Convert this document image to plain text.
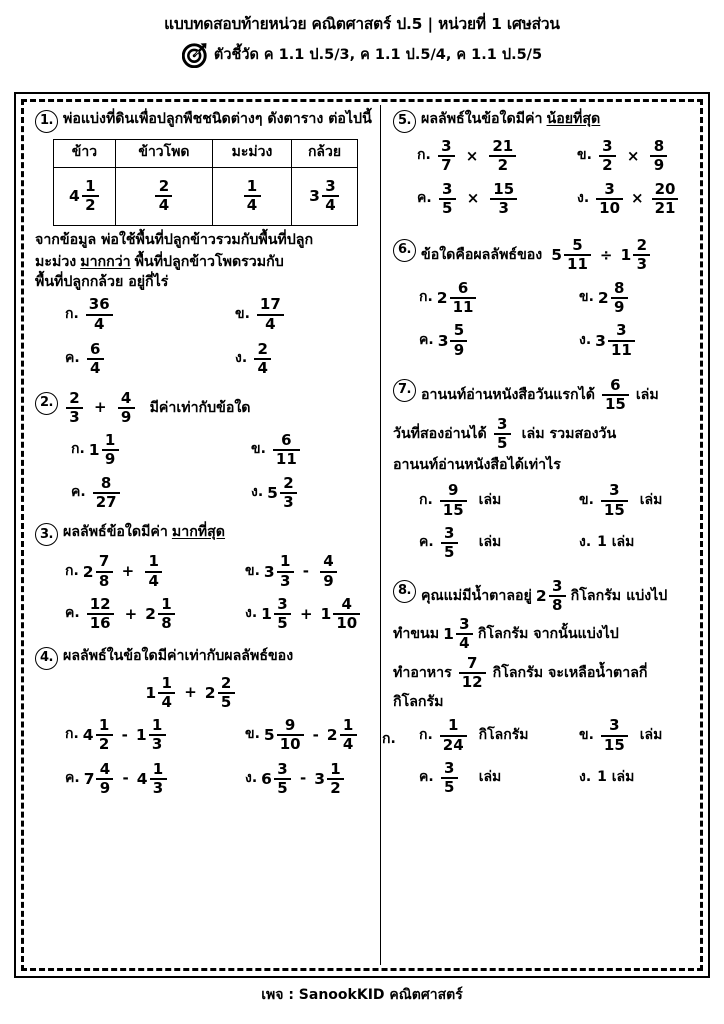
แบบทดสอบท้ายหน่วย คณิตศาสตร์ ป.5 | หน่วยที่ 1 เศษส่วน
ตัวชี้วัด ค 1.1 ป.5/3, ค 1.1 ป.5/4, ค 1.1 ป.5/5
1. พ่อแบ่งที่ดินเพื่อปลูกพืชชนิดต่างๆ ดังตาราง ต่อไปนี้
ข้าว	ข้าวโพด	มะม่วง	กล้วย

$4 \frac{1}{2}$	$\frac{2}{4}$	$\frac{1}{4}$	$3 \frac{3}{4}$
จากข้อมูล พ่อใช้พื้นที่ปลูกข้าวรวมกับพื้นที่ปลูก
มะม่วง มากกว่า พื้นที่ปลูกข้าวโพดรวมกับ
พื้นที่ปลูกกล้วย อยู่กี่ไร่
ก. $\frac{36}{4}$	ข. $\frac{17}{4}$
ค. $\frac{6}{4}$	ง. $\frac{2}{4}$
2. $\frac{2}{3} + \frac{4}{9}$ มีค่าเท่ากับข้อใด
ก. $1 \frac{1}{9}$	ข. $\frac{6}{11}$
ค. $\frac{8}{27}$	ง. $5 \frac{2}{3}$
3. ผลลัพธ์ข้อใดมีค่า มากที่สุด
ก. $2 \frac{7}{8} + \frac{1}{4}$	ข. $3 \frac{1}{3} - \frac{4}{9}$
ค. $\frac{12}{16} + 2 \frac{1}{8}$	ง. $1 \frac{3}{5} + 1 \frac{4}{10}$
4. ผลลัพธ์ในข้อใดมีค่าเท่ากับผลลัพธ์ของ
$1 \frac{1}{4} + 2 \frac{2}{5}$
ก. $4 \frac{1}{2} - 1 \frac{1}{3}$	ข. $5 \frac{9}{10} - 2 \frac{1}{4}$
ค. $7 \frac{4}{9} - 4 \frac{1}{3}$	ง. $6 \frac{3}{5} - 3 \frac{1}{2}$
5. ผลลัพธ์ในข้อใดมีค่า น้อยที่สุด
ก. $\frac{3}{7} \times \frac{21}{2}$	ข. $\frac{3}{2} \times \frac{8}{9}$
ค. $\frac{3}{5} \times \frac{15}{3}$	ง. $\frac{3}{10} \times \frac{20}{21}$
6. ข้อใดคือผลลัพธ์ของ $5 \frac{5}{11} \div 1 \frac{2}{3}$
ก. $2 \frac{6}{11}$	ข. $2 \frac{8}{9}$
ค. $3 \frac{5}{9}$	ง. $3 \frac{3}{11}$
7. อานนท์อ่านหนังสือวันแรกได้ $\frac{6}{15}$ เล่ม
วันที่สองอ่านได้ $\frac{3}{5}$ เล่ม รวมสองวัน
อานนท์อ่านหนังสือได้เท่าไร
ก. $\frac{9}{15}$ เล่ม	ข. $\frac{3}{15}$ เล่ม
ค. $\frac{3}{5}$ เล่ม	ง. 1 เล่ม
8. คุณแม่มีน้ำตาลอยู่ $2 \frac{3}{8}$ กิโลกรัม แบ่งไป
ทำขนม $1 \frac{3}{4}$ กิโลกรัม จากนั้นแบ่งไป
ทำอาหาร $\frac{7}{12}$ กิโลกรัม จะเหลือน้ำตาลกี่
กิโลกรัม
ก. ก. $\frac{1}{24}$ กิโลกรัม	ข. $\frac{3}{15}$ เล่ม
ค. $\frac{3}{5}$ เล่ม	ง. 1 เล่ม
เพจ : SanookKID คณิตศาสตร์
